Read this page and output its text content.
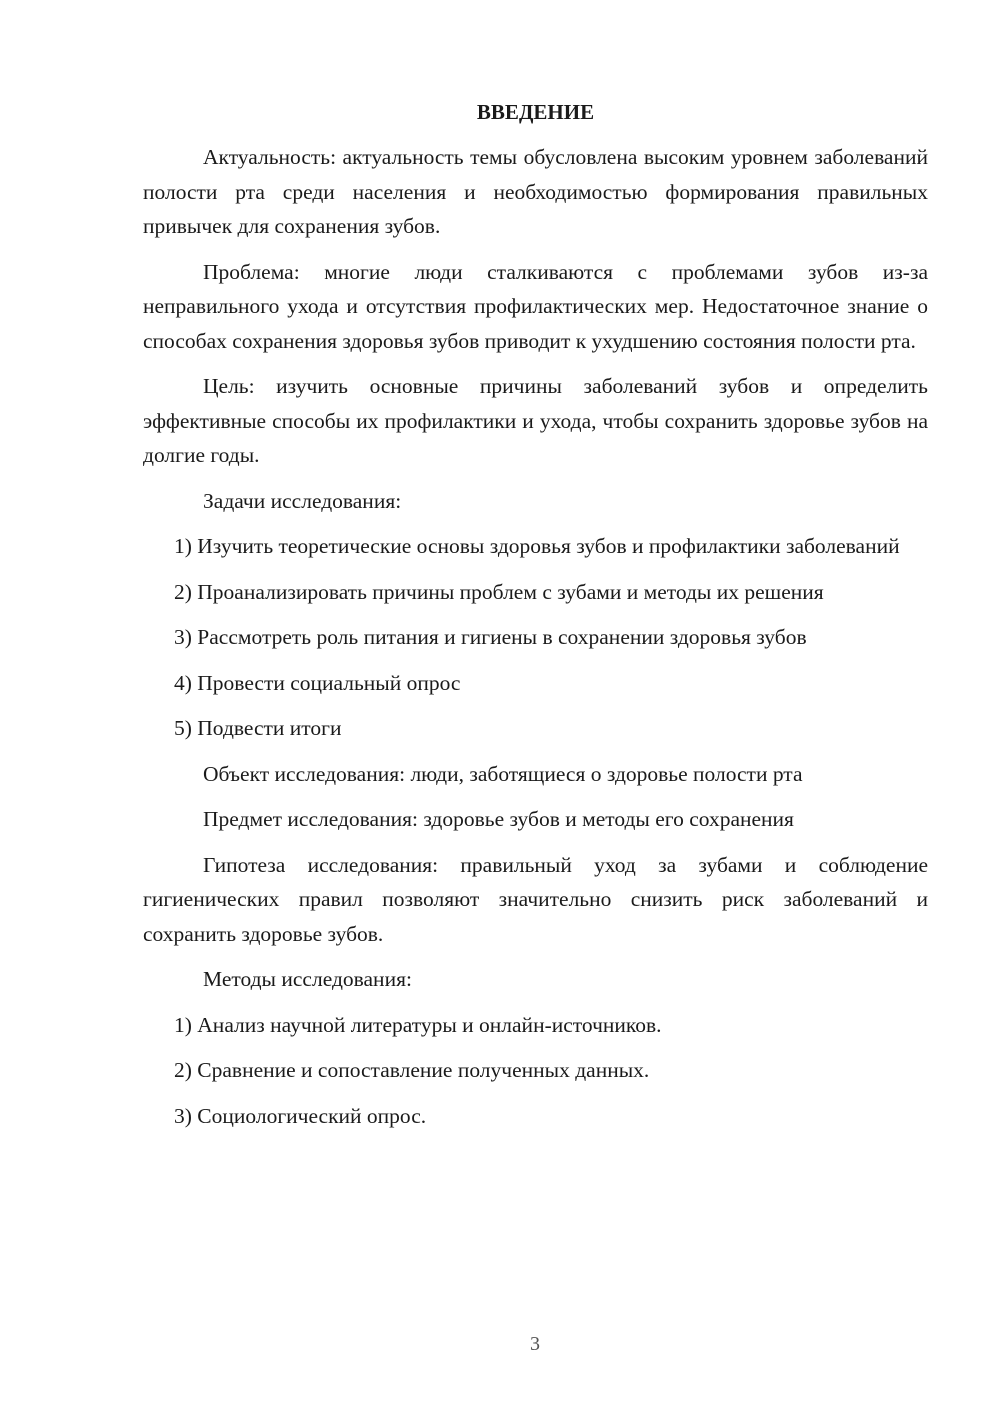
ВВЕДЕНИЕ

Актуальность: актуальность темы обусловлена высоким уровнем заболеваний полости рта среди населения и необходимостью формирования правильных привычек для сохранения зубов.

Проблема: многие люди сталкиваются с проблемами зубов из-за неправильного ухода и отсутствия профилактических мер. Недостаточное знание о способах сохранения здоровья зубов приводит к ухудшению состояния полости рта.

Цель: изучить основные причины заболеваний зубов и определить эффективные способы их профилактики и ухода, чтобы сохранить здоровье зубов на долгие годы.

Задачи исследования:

1) Изучить теоретические основы здоровья зубов и профилактики заболеваний

2) Проанализировать причины проблем с зубами и методы их решения

3) Рассмотреть роль питания и гигиены в сохранении здоровья зубов

4) Провести социальный опрос

5) Подвести итоги

Объект исследования: люди, заботящиеся о здоровье полости рта

Предмет исследования: здоровье зубов и методы его сохранения

Гипотеза исследования: правильный уход за зубами и соблюдение гигиенических правил позволяют значительно снизить риск заболеваний и сохранить здоровье зубов.

Методы исследования:

1) Анализ научной литературы и онлайн-источников.

2) Сравнение и сопоставление полученных данных.

3) Социологический опрос.

3
